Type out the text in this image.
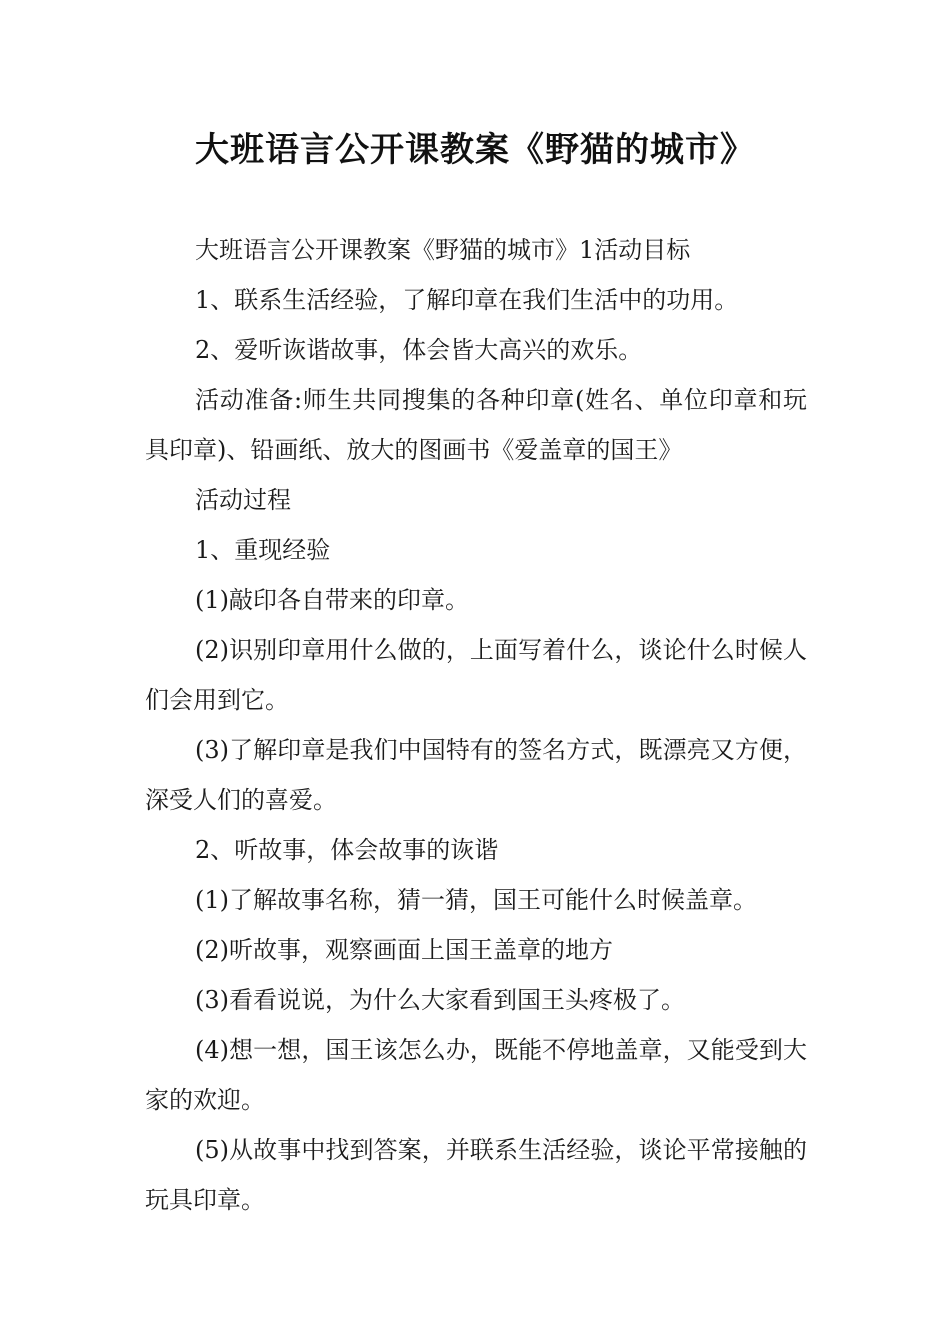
大班语言公开课教案《野猫的城市》

大班语言公开课教案《野猫的城市》1活动目标

1、联系生活经验，了解印章在我们生活中的功用。

2、爱听诙谐故事，体会皆大高兴的欢乐。

活动准备:师生共同搜集的各种印章(姓名、单位印章和玩具印章)、铅画纸、放大的图画书《爱盖章的国王》

活动过程

1、重现经验

(1)敲印各自带来的印章。

(2)识别印章用什么做的，上面写着什么，谈论什么时候人们会用到它。

(3)了解印章是我们中国特有的签名方式，既漂亮又方便，深受人们的喜爱。

2、听故事，体会故事的诙谐

(1)了解故事名称，猜一猜，国王可能什么时候盖章。

(2)听故事，观察画面上国王盖章的地方

(3)看看说说，为什么大家看到国王头疼极了。

(4)想一想，国王该怎么办，既能不停地盖章，又能受到大家的欢迎。

(5)从故事中找到答案，并联系生活经验，谈论平常接触的玩具印章。
